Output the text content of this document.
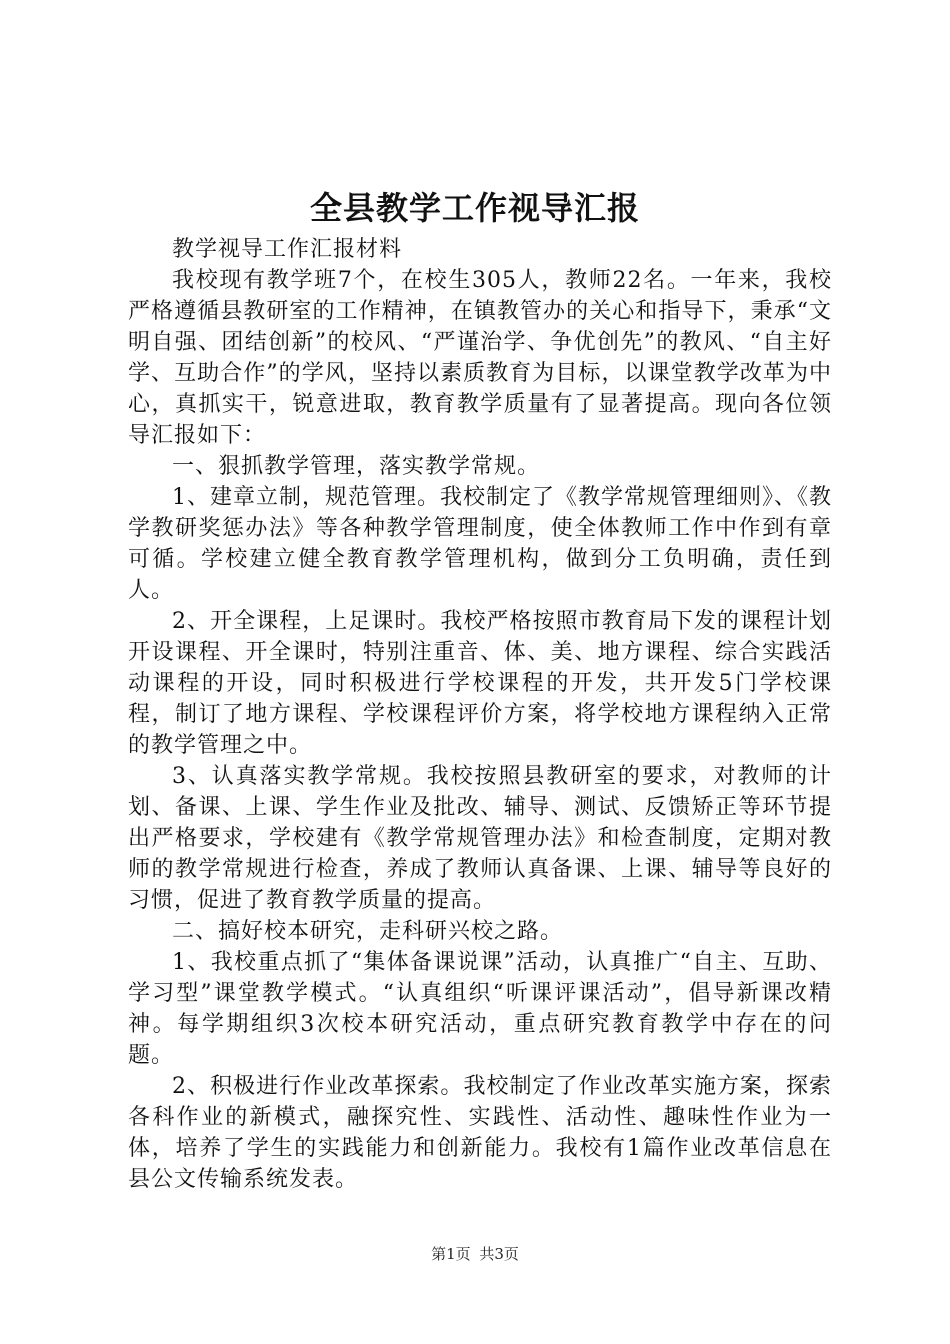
全县教学工作视导汇报

教学视导工作汇报材料

我校现有教学班7个，在校生305人，教师22名。一年来，我校严格遵循县教研室的工作精神，在镇教管办的关心和指导下，秉承“文明自强、团结创新”的校风、“严谨治学、争优创先”的教风、“自主好学、互助合作”的学风，坚持以素质教育为目标，以课堂教学改革为中心，真抓实干，锐意进取，教育教学质量有了显著提高。现向各位领导汇报如下：

一、狠抓教学管理，落实教学常规。

1、建章立制，规范管理。我校制定了《教学常规管理细则》、《教学教研奖惩办法》等各种教学管理制度，使全体教师工作中作到有章可循。学校建立健全教育教学管理机构，做到分工负明确，责任到人。

2、开全课程，上足课时。我校严格按照市教育局下发的课程计划开设课程、开全课时，特别注重音、体、美、地方课程、综合实践活动课程的开设，同时积极进行学校课程的开发，共开发5门学校课程，制订了地方课程、学校课程评价方案，将学校地方课程纳入正常的教学管理之中。

3、认真落实教学常规。我校按照县教研室的要求，对教师的计划、备课、上课、学生作业及批改、辅导、测试、反馈矫正等环节提出严格要求，学校建有《教学常规管理办法》和检查制度，定期对教师的教学常规进行检查，养成了教师认真备课、上课、辅导等良好的习惯，促进了教育教学质量的提高。

二、搞好校本研究，走科研兴校之路。

1、我校重点抓了“集体备课说课”活动，认真推广“自主、互助、学习型”课堂教学模式。“认真组织“听课评课活动”，倡导新课改精神。每学期组织3次校本研究活动，重点研究教育教学中存在的问题。

2、积极进行作业改革探索。我校制定了作业改革实施方案，探索各科作业的新模式，融探究性、实践性、活动性、趣味性作业为一体，培养了学生的实践能力和创新能力。我校有1篇作业改革信息在县公文传输系统发表。

第1页 共3页
